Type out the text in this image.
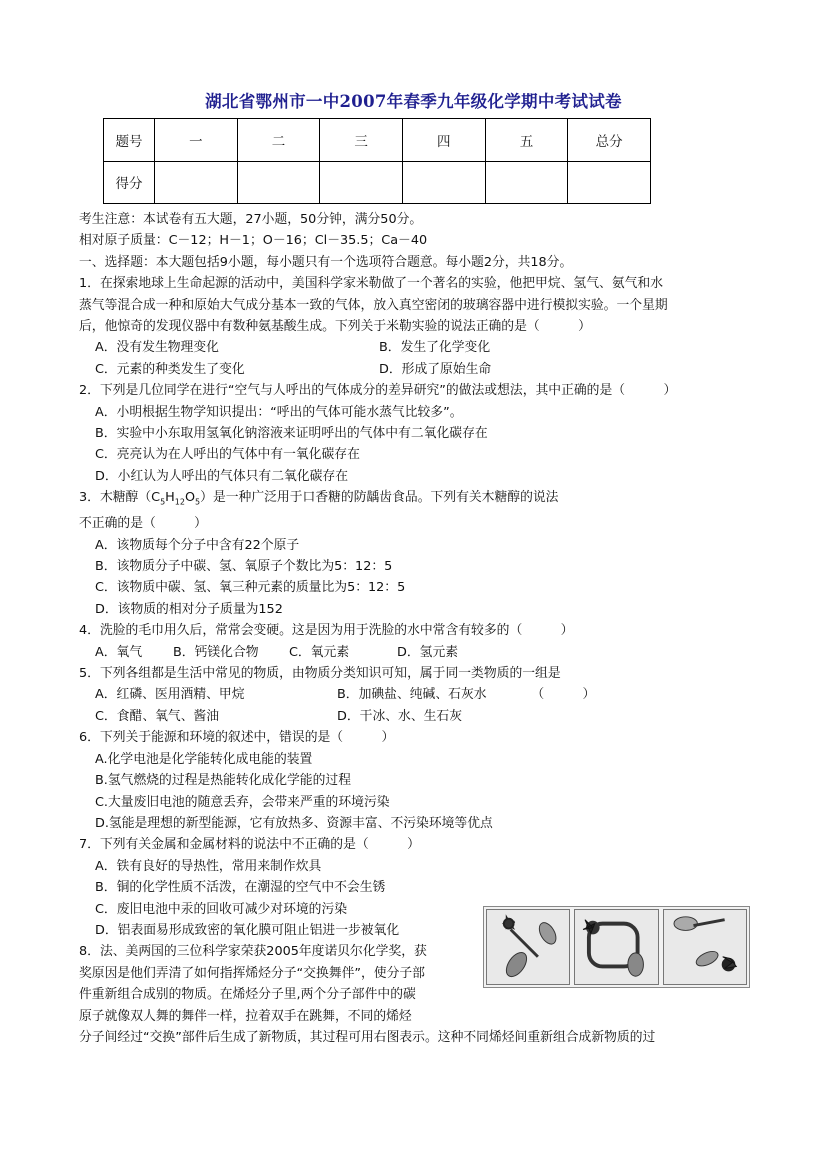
湖北省鄂州市一中2007年春季九年级化学期中考试试卷
题号	一	二	三	四	五	总分
得分						
考生注意：本试卷有五大题，27小题，50分钟，满分50分。
相对原子质量：C－12；H－1；O－16；Cl－35.5；Ca－40
一、选择题：本大题包括9小题，每小题只有一个选项符合题意。每小题2分，共18分。
1．在探索地球上生命起源的活动中，美国科学家米勒做了一个著名的实验，他把甲烷、氢气、氨气和水
蒸气等混合成一种和原始大气成分基本一致的气体，放入真空密闭的玻璃容器中进行模拟实验。一个星期
后，他惊奇的发现仪器中有数种氨基酸生成。下列关于米勒实验的说法正确的是（　　　）
A．没有发生物理变化	B．发生了化学变化
C．元素的种类发生了变化	D．形成了原始生命
2．下列是几位同学在进行“空气与人呼出的气体成分的差异研究”的做法或想法，其中正确的是（　　　）
A．小明根据生物学知识提出：“呼出的气体可能水蒸气比较多”。
B．实验中小东取用氢氧化钠溶液来证明呼出的气体中有二氧化碳存在
C．亮亮认为在人呼出的气体中有一氧化碳存在
D．小红认为人呼出的气体只有二氧化碳存在
3．木糖醇$(C_5H_{12}O_5)$是一种广泛用于口香糖的防龋齿食品。下列有关木糖醇的说法
不正确的是（　　　）
A．该物质每个分子中含有22个原子
B．该物质分子中碳、氢、氧原子个数比为5：12：5
C．该物质中碳、氢、氧三种元素的质量比为5：12：5
D．该物质的相对分子质量为152
4．洗脸的毛巾用久后，常常会变硬。这是因为用于洗脸的水中常含有较多的（　　　）
A．氧气 B．钙镁化合物 C．氧元素	D．氢元素
5．下列各组都是生活中常见的物质，由物质分类知识可知，属于同一类物质的一组是
A．红磷、医用酒精、甲烷	B．加碘盐、纯碱、石灰水　　　　（　　　）
C．食醋、氧气、酱油	D．干冰、水、生石灰
6．下列关于能源和环境的叙述中，错误的是（　　　）
A.化学电池是化学能转化成电能的装置
B.氢气燃烧的过程是热能转化成化学能的过程
C.大量废旧电池的随意丢弃，会带来严重的环境污染
D.氢能是理想的新型能源，它有放热多、资源丰富、不污染环境等优点
7．下列有关金属和金属材料的说法中不正确的是（　　　）
A．铁有良好的导热性，常用来制作炊具
B．铜的化学性质不活泼，在潮湿的空气中不会生锈
C．废旧电池中汞的回收可减少对环境的污染
D．铝表面易形成致密的氧化膜可阻止铝进一步被氧化
8．法、美两国的三位科学家荣获2005年度诺贝尔化学奖，获
奖原因是他们弄清了如何指挥烯烃分子“交换舞伴”，使分子部
件重新组合成别的物质。在烯烃分子里,两个分子部件中的碳
原子就像双人舞的舞伴一样，拉着双手在跳舞，不同的烯烃
分子间经过“交换”部件后生成了新物质，其过程可用右图表示。这种不同烯烃间重新组合成新物质的过
